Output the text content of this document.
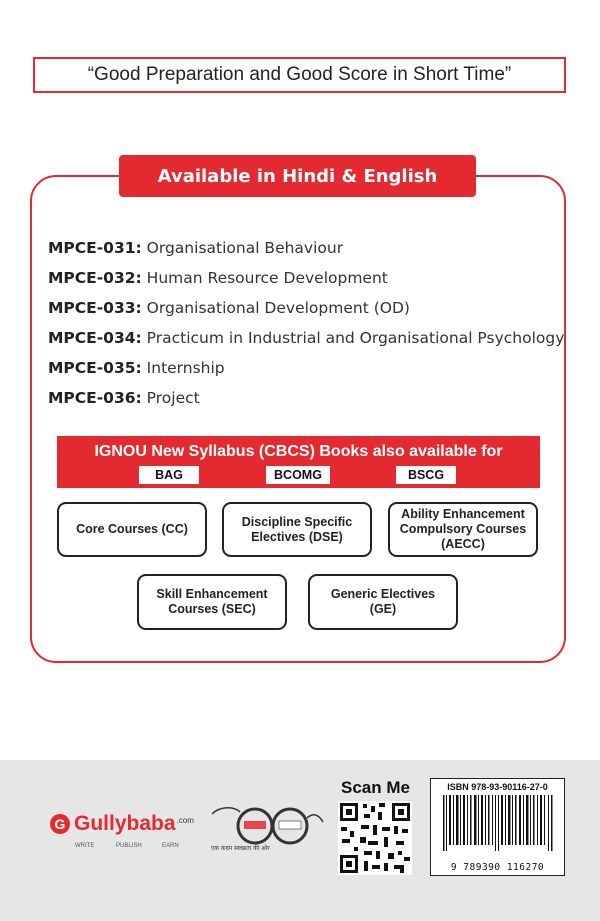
“Good Preparation and Good Score in Short Time”
Available in Hindi & English
MPCE-031: Organisational Behaviour
MPCE-032: Human Resource Development
MPCE-033: Organisational Development (OD)
MPCE-034: Practicum in Industrial and Organisational Psychology
MPCE-035: Internship
MPCE-036: Project
IGNOU New Syllabus (CBCS) Books also available for
BAG	BCOMG	BSCG
Core Courses (CC)
Discipline Specific Electives (DSE)
Ability Enhancement Compulsory Courses (AECC)
Skill Enhancement Courses (SEC)
Generic Electives (GE)
G Gullybaba .com
WRITE	PUBLISH	EARN	एक कदम स्वच्छता की ओर
Scan Me	ISBN 978-93-90116-27-0
9 789390 116270
